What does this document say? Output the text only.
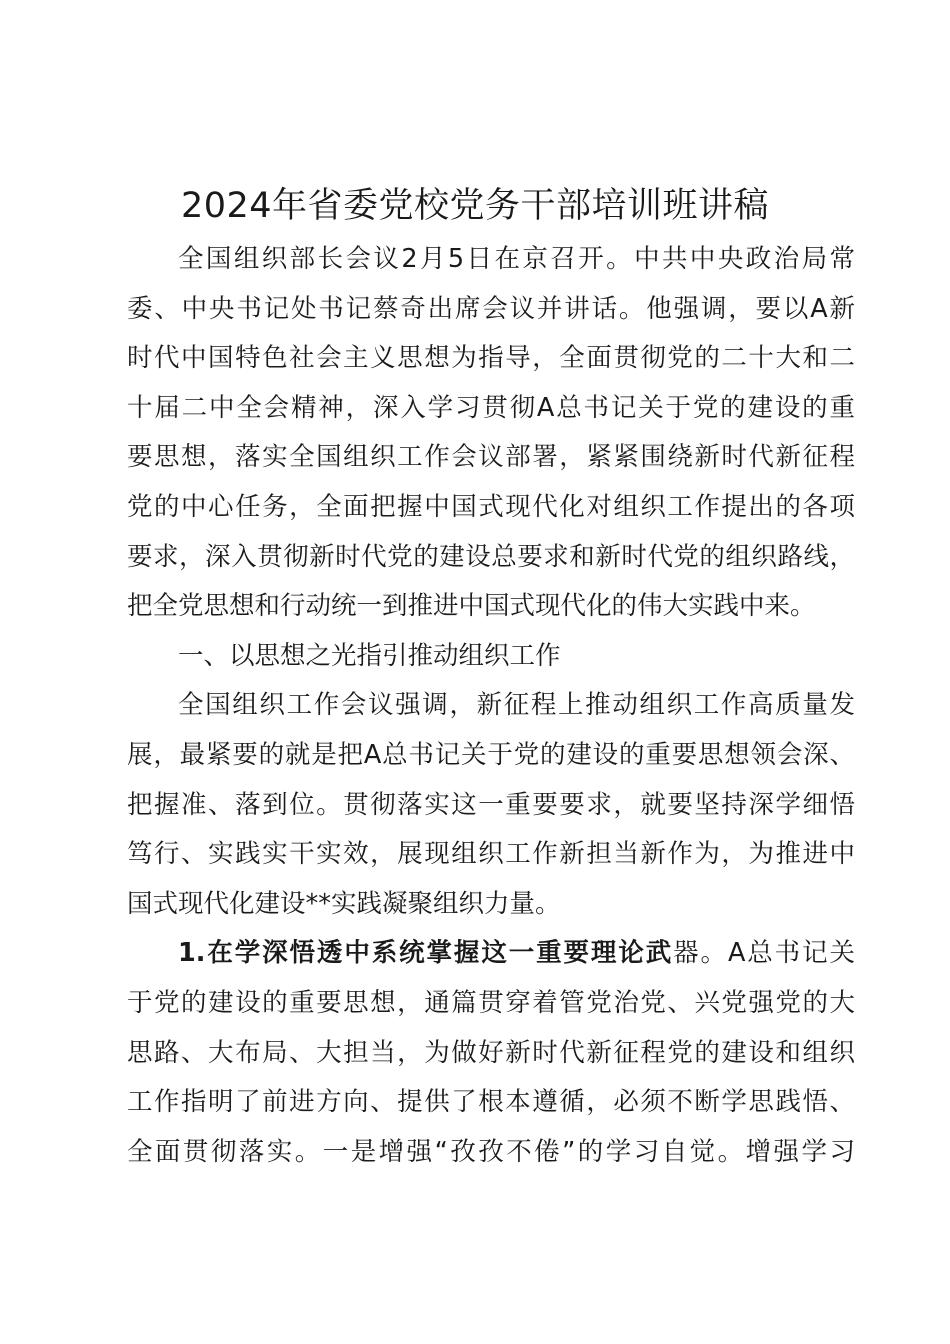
2024年省委党校党务干部培训班讲稿
全国组织部长会议2月5日在京召开。中共中央政治局常
委、中央书记处书记蔡奇出席会议并讲话。他强调，要以A新
时代中国特色社会主义思想为指导，全面贯彻党的二十大和二
十届二中全会精神，深入学习贯彻A总书记关于党的建设的重
要思想，落实全国组织工作会议部署，紧紧围绕新时代新征程
党的中心任务，全面把握中国式现代化对组织工作提出的各项
要求，深入贯彻新时代党的建设总要求和新时代党的组织路线，
把全党思想和行动统一到推进中国式现代化的伟大实践中来。
一、以思想之光指引推动组织工作
全国组织工作会议强调，新征程上推动组织工作高质量发
展，最紧要的就是把A总书记关于党的建设的重要思想领会深、
把握准、落到位。贯彻落实这一重要要求，就要坚持深学细悟
笃行、实践实干实效，展现组织工作新担当新作为，为推进中
国式现代化建设**实践凝聚组织力量。
1.在学深悟透中系统掌握这一重要理论武器。A总书记关
于党的建设的重要思想，通篇贯穿着管党治党、兴党强党的大
思路、大布局、大担当，为做好新时代新征程党的建设和组织
工作指明了前进方向、提供了根本遵循，必须不断学思践悟、
全面贯彻落实。一是增强“孜孜不倦”的学习自觉。增强学习
